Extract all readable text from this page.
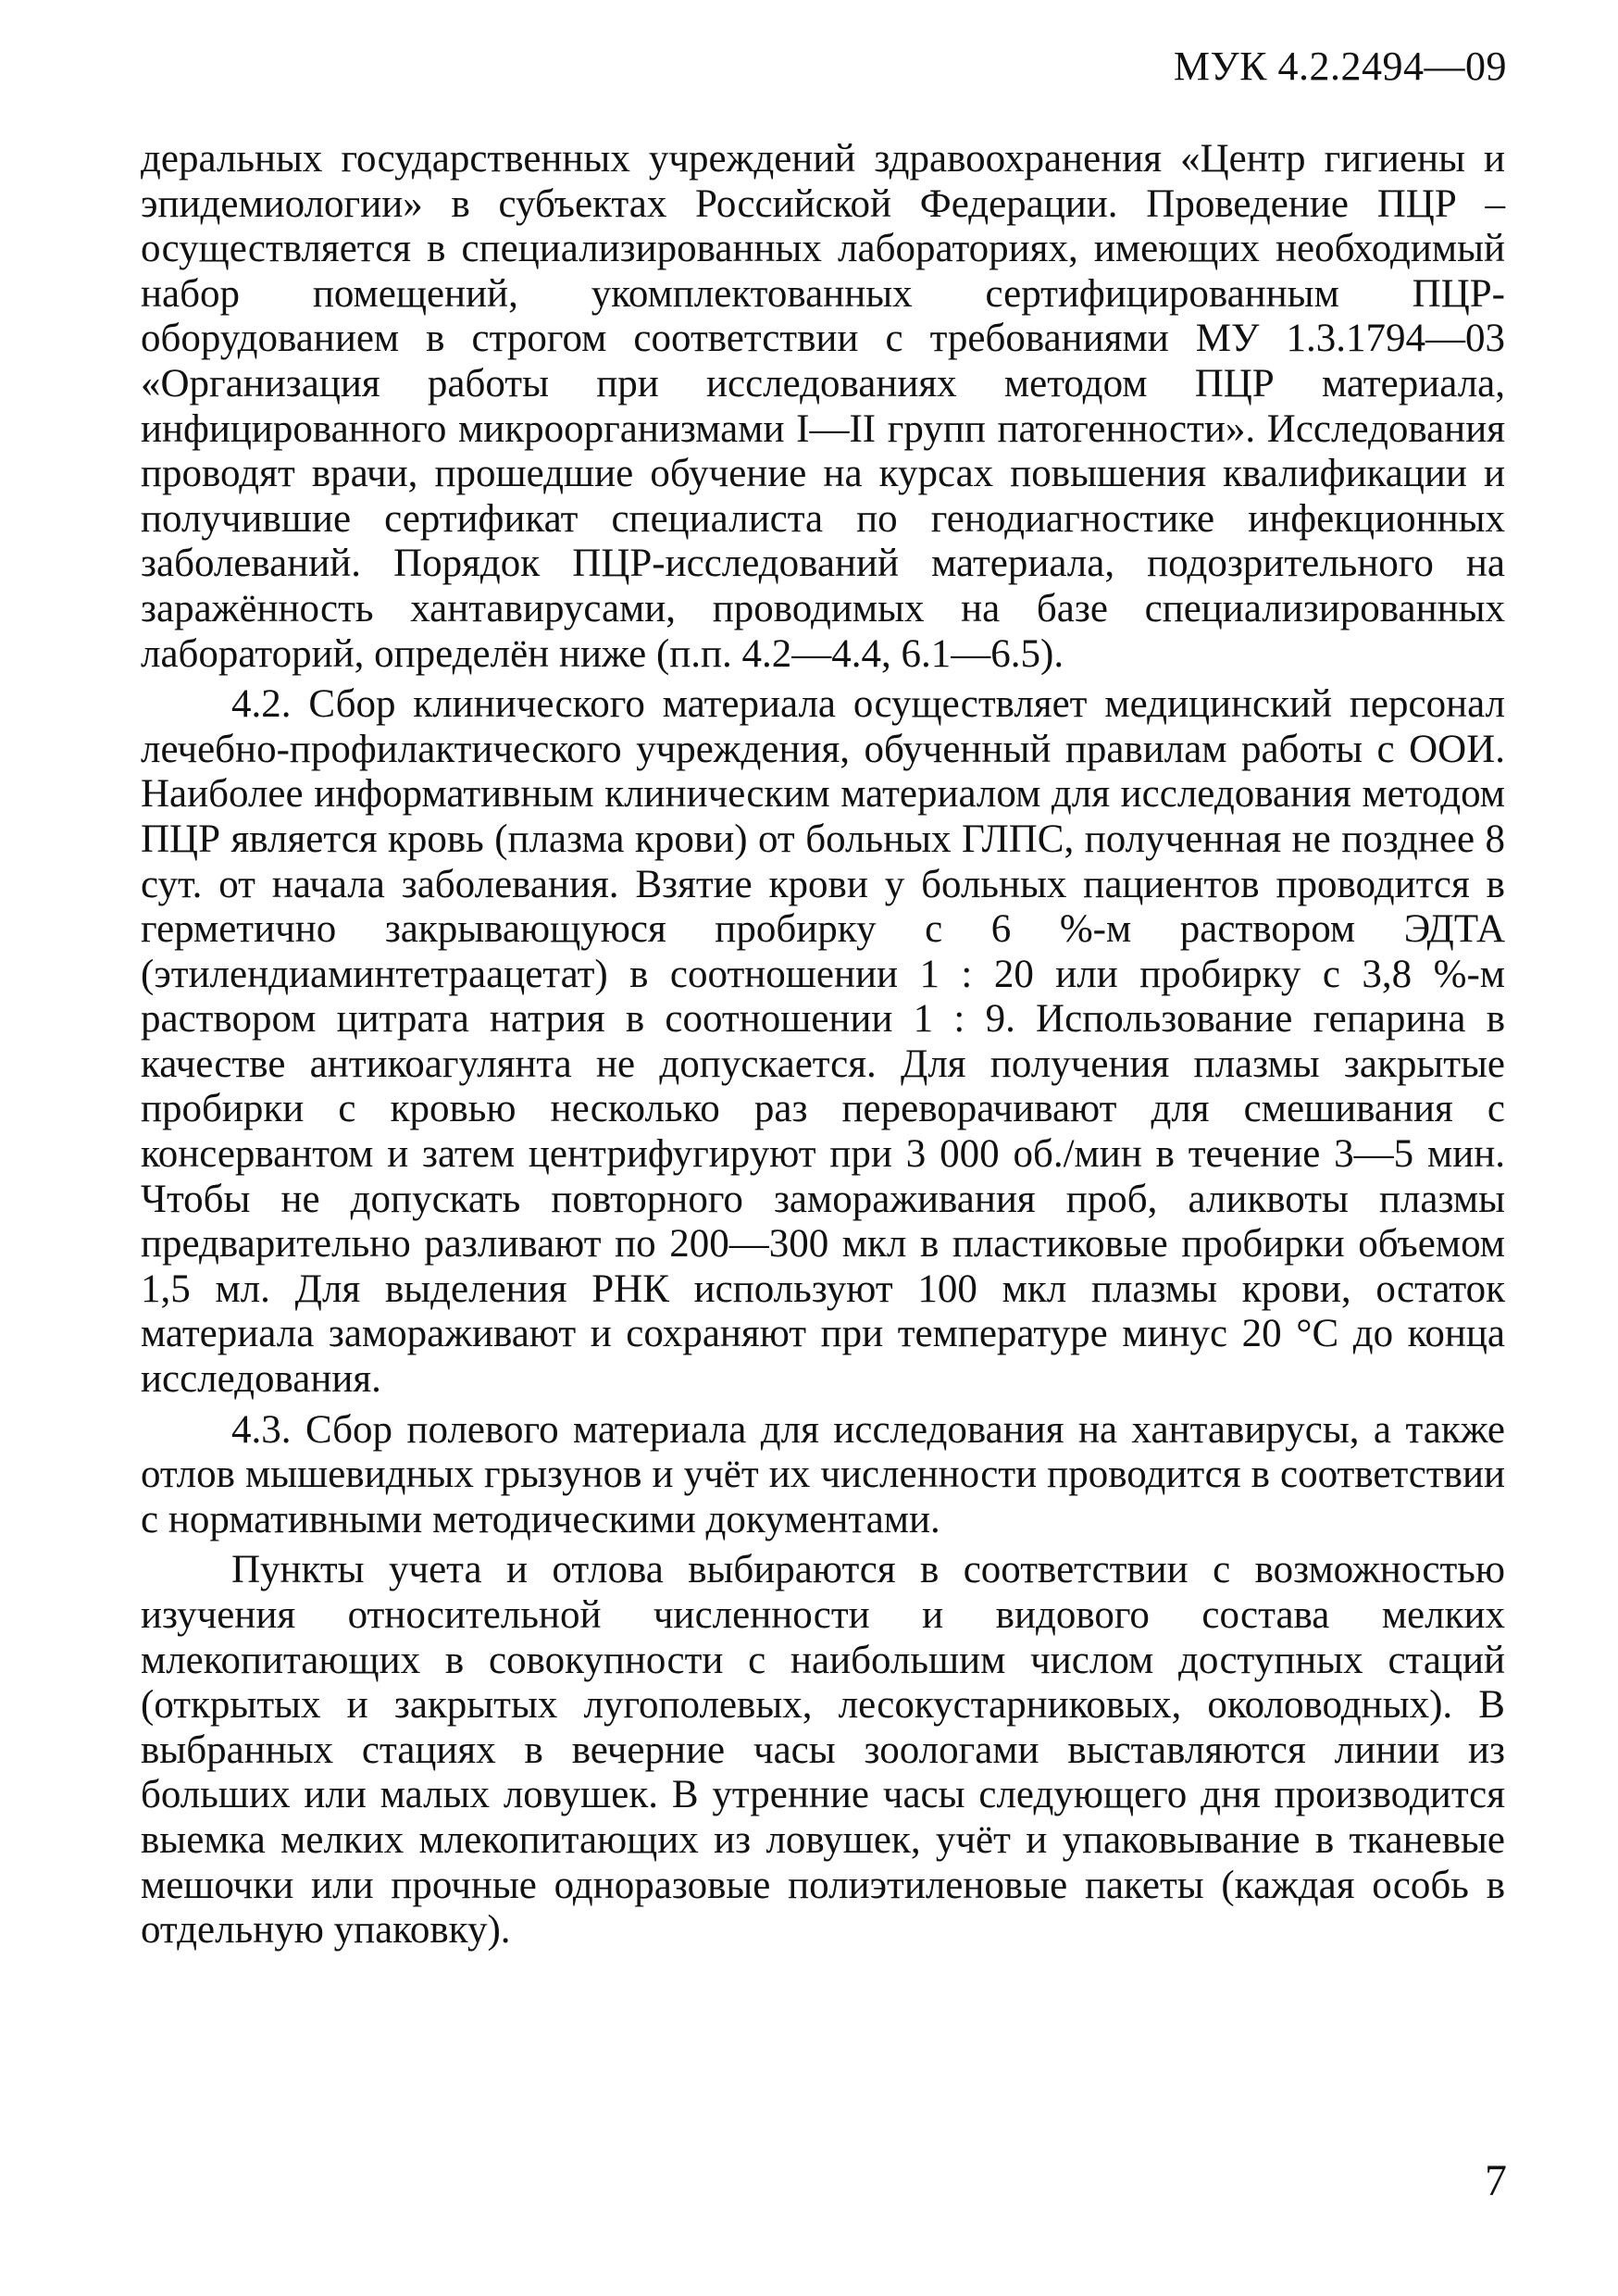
МУК 4.2.2494—09

деральных государственных учреждений здравоохранения «Центр гигиены и эпидемиологии» в субъектах Российской Федерации. Проведение ПЦР – осуществляется в специализированных лабораториях, имеющих необходимый набор помещений, укомплектованных сертифицированным ПЦР-оборудованием в строгом соответствии с требованиями МУ 1.3.1794—03 «Организация работы при исследованиях методом ПЦР материала, инфицированного микроорганизмами I—II групп патогенности». Исследования проводят врачи, прошедшие обучение на курсах повышения квалификации и получившие сертификат специалиста по генодиагностике инфекционных заболеваний. Порядок ПЦР-исследований материала, подозрительного на заражённость хантавирусами, проводимых на базе специализированных лабораторий, определён ниже (п.п. 4.2—4.4, 6.1—6.5).

4.2. Сбор клинического материала осуществляет медицинский персонал лечебно-профилактического учреждения, обученный правилам работы с ООИ. Наиболее информативным клиническим материалом для исследования методом ПЦР является кровь (плазма крови) от больных ГЛПС, полученная не позднее 8 сут. от начала заболевания. Взятие крови у больных пациентов проводится в герметично закрывающуюся пробирку с 6 %-м раствором ЭДТА (этилендиаминтетраацетат) в соотношении 1 : 20 или пробирку с 3,8 %-м раствором цитрата натрия в соотношении 1 : 9. Использование гепарина в качестве антикоагулянта не допускается. Для получения плазмы закрытые пробирки с кровью несколько раз переворачивают для смешивания с консервантом и затем центрифугируют при 3 000 об./мин в течение 3—5 мин. Чтобы не допускать повторного замораживания проб, аликвоты плазмы предварительно разливают по 200—300 мкл в пластиковые пробирки объемом 1,5 мл. Для выделения РНК используют 100 мкл плазмы крови, остаток материала замораживают и сохраняют при температуре минус 20 °С до конца исследования.

4.3. Сбор полевого материала для исследования на хантавирусы, а также отлов мышевидных грызунов и учёт их численности проводится в соответствии с нормативными методическими документами.

Пункты учета и отлова выбираются в соответствии с возможностью изучения относительной численности и видового состава мелких млекопитающих в совокупности с наибольшим числом доступных стаций (открытых и закрытых лугополевых, лесокустарниковых, околоводных). В выбранных стациях в вечерние часы зоологами выставляются линии из больших или малых ловушек. В утренние часы следующего дня производится выемка мелких млекопитающих из ловушек, учёт и упаковывание в тканевые мешочки или прочные одноразовые полиэтиленовые пакеты (каждая особь в отдельную упаковку).

7
